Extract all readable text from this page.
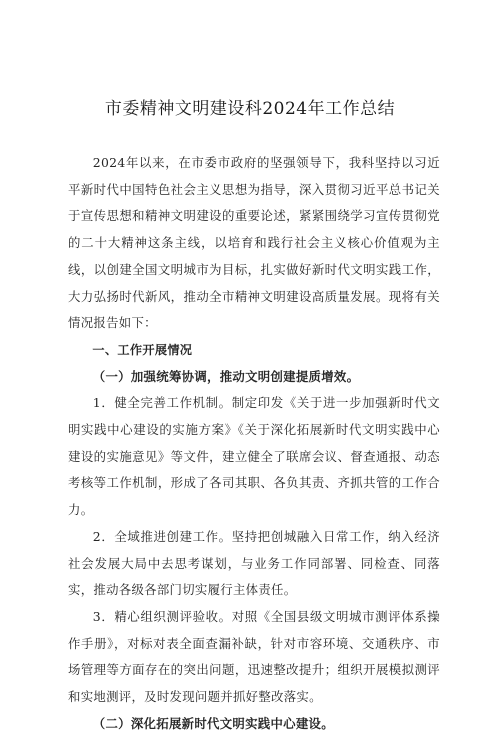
市委精神文明建设科2024年工作总结

2024年以来，在市委市政府的坚强领导下，我科坚持以习近平新时代中国特色社会主义思想为指导，深入贯彻习近平总书记关于宣传思想和精神文明建设的重要论述，紧紧围绕学习宣传贯彻党的二十大精神这条主线，以培育和践行社会主义核心价值观为主线，以创建全国文明城市为目标，扎实做好新时代文明实践工作，大力弘扬时代新风，推动全市精神文明建设高质量发展。现将有关情况报告如下：

一、工作开展情况

（一）加强统筹协调，推动文明创建提质增效。

1．健全完善工作机制。制定印发《关于进一步加强新时代文明实践中心建设的实施方案》《关于深化拓展新时代文明实践中心建设的实施意见》等文件，建立健全了联席会议、督查通报、动态考核等工作机制，形成了各司其职、各负其责、齐抓共管的工作合力。

2．全域推进创建工作。坚持把创城融入日常工作，纳入经济社会发展大局中去思考谋划，与业务工作同部署、同检查、同落实，推动各级各部门切实履行主体责任。

3．精心组织测评验收。对照《全国县级文明城市测评体系操作手册》，对标对表全面查漏补缺，针对市容环境、交通秩序、市场管理等方面存在的突出问题，迅速整改提升；组织开展模拟测评和实地测评，及时发现问题并抓好整改落实。

（二）深化拓展新时代文明实践中心建设。
